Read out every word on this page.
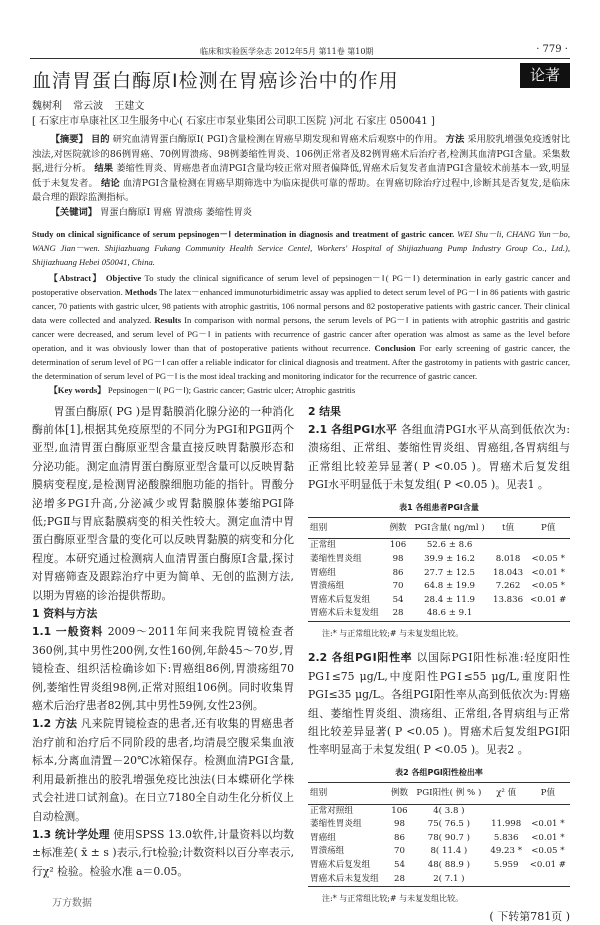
临床和实验医学杂志 2012年5月 第11卷 第10期	· 779 ·
血清胃蛋白酶原Ⅰ检测在胃癌诊治中的作用	论著
魏树利 常云波 王建文
[ 石家庄市阜康社区卫生服务中心( 石家庄市泵业集团公司职工医院 )河北 石家庄 050041 ]
【摘要】 目的 研究血清胃蛋白酶原Ⅰ( PGⅠ)含量检测在胃癌早期发现和胃癌术后观察中的作用。 方法 采用胶乳增强免疫透射比浊法,对医院就诊的86例胃癌、70例胃溃疡、98例萎缩性胃炎、106例正常者及82例胃癌术后治疗者,检测其血清PGⅠ含量。采集数据,进行分析。 结果 萎缩性胃炎、胃癌患者血清PGⅠ含量均较正常对照者偏降低,胃癌术后复发者血清PGⅠ含量较术前基本一致,明显低于未复发者。 结论 血清PGⅠ含量检测在胃癌早期筛选中为临床提供可靠的帮助。在胃癌切除治疗过程中,诊断其是否复发,是临床最合理的跟踪监测指标。
【关键词】 胃蛋白酶原Ⅰ 胃癌 胃溃疡 萎缩性胃炎
Study on clinical significance of serum pepsinogen－Ⅰ determination in diagnosis and treatment of gastric cancer. WEI Shu－li, CHANG Yun－bo, WANG Jian－wen. Shijiazhuang Fukang Community Health Service Centel, Workers' Hospital of Shijiazhuang Pump Industry Group Co., Ltd.), Shijiazhuang Hebei 050041, China.
【Abstract】 Objective To study the clinical significance of serum level of pepsinogen－Ⅰ( PG－Ⅰ) determination in early gastric cancer and postoperative observation. Methods The latex－enhanced immunoturbidimetric assay was applied to detect serum level of PG－Ⅰ in 86 patients with gastric cancer, 70 patients with gastric ulcer, 98 patients with atrophic gastritis, 106 normal persons and 82 postoperative patients with gastric cancer. Their clinical data were collected and analyzed. Results In comparison with normal persons, the serum levels of PG－Ⅰ in patients with atrophic gastritis and gastric cancer were decreased, and serum level of PG－Ⅰ in patients with recurrence of gastric cancer after operation was almost as same as the level before operation, and it was obviously lower than that of postoperative patients without recurrence. Conclusion For early screening of gastric cancer, the determination of serum level of PG－Ⅰ can offer a reliable indicator for clinical diagnosis and treatment. After the gastrotomy in patients with gastric cancer, the determination of serum level of PG－Ⅰ is the most ideal tracking and monitoring indicator for the recurrence of gastric cancer.
【Key words】 Pepsinogen－Ⅰ( PG－Ⅰ); Gastric cancer; Gastric ulcer; Atrophic gastritis

胃蛋白酶原( PG )是胃黏膜消化腺分泌的一种消化酶前体[1],根据其免疫原型的不同分为PGⅠ和PGⅡ两个亚型,血清胃蛋白酶原亚型含量直接反映胃黏膜形态和分泌功能。测定血清胃蛋白酶原亚型含量可以反映胃黏膜病变程度,是检测胃泌酸腺细胞功能的指针。胃酸分泌增多PGⅠ升高,分泌减少或胃黏膜腺体萎缩PGI降低;PGⅡ与胃底黏膜病变的相关性较大。测定血清中胃蛋白酶原亚型含量的变化可以反映胃黏膜的病变和分化程度。本研究通过检测病人血清胃蛋白酶原Ⅰ含量,探讨对胃癌筛查及跟踪治疗中更为简单、无创的监测方法,以期为胃癌的诊治提供帮助。

1 资料与方法

1.1 一般资料 2009～2011年间来我院胃镜检查者360例,其中男性200例,女性160例,年龄45～70岁,胃镜检查、组织活检确诊如下:胃癌组86例,胃溃疡组70例,萎缩性胃炎组98例,正常对照组106例。同时收集胃癌术后治疗患者82例,其中男性59例,女性23例。

1.2 方法 凡来院胃镜检查的患者,还有收集的胃癌患者治疗前和治疗后不同阶段的患者,均清晨空腹采集血液标本,分离血清置－20℃冰箱保存。检测血清PGⅠ含量,利用最新推出的胶乳增强免疫比浊法(日本蝶研化学株式会社进口试剂盒)。在日立7180全自动生化分析仪上自动检测。

1.3 统计学处理 使用SPSS 13.0软件,计量资料以均数±标准差( x̄ ± s )表示,行t检验;计数资料以百分率表示,行χ² 检验。检验水准 a＝0.05。

万方数据

2 结果

2.1 各组PGⅠ水平 各组血清PGⅠ水平从高到低依次为:溃疡组、正常组、萎缩性胃炎组、胃癌组,各胃病组与正常组比较差异显著( P <0.05 )。胃癌术后复发组PGⅠ水平明显低于未复发组( P <0.05 )。见表1 。

表1 各组患者PGⅠ含量
组别	例数	PGⅠ含量( ng/ml )	t值	P值
正常组	106	52.6 ± 8.6		
萎缩性胃炎组	98	39.9 ± 16.2	8.018	<0.05 *
胃癌组	86	27.7 ± 12.5	18.043	<0.01 *
胃溃疡组	70	64.8 ± 19.9	7.262	<0.05 *
胃癌术后复发组	54	28.4 ± 11.9	13.836	<0.01 #
胃癌术后未复发组	28	48.6 ± 9.1		
注:* 与正常组比较;# 与未复发组比较。

2.2 各组PGⅠ阳性率 以国际PGⅠ阳性标准:轻度阳性PGⅠ≤75 μg/L,中度阳性PGⅠ≤55 μg/L,重度阳性PGⅠ≤35 μg/L。各组PGⅠ阳性率从高到低依次为:胃癌组、萎缩性胃炎组、溃疡组、正常组,各胃病组与正常组比较差异显著( P <0.05 )。胃癌术后复发组PGⅠ阳性率明显高于未复发组( P <0.05 )。见表2 。

表2 各组PGⅠ阳性检出率
组别	例数	PGⅠ阳性( 例 % )	χ² 值	P值
正常对照组	106	4( 3.8 )		
萎缩性胃炎组	98	75( 76.5 )	11.998	<0.01 *
胃癌组	86	78( 90.7 )	5.836	<0.01 *
胃溃疡组	70	8( 11.4 )	49.23 *	<0.05 *
胃癌术后复发组	54	48( 88.9 )	5.959	<0.01 #
胃癌术后未复发组	28	2( 7.1 )		
注:* 与正常组比较;# 与未复发组比较。
( 下转第781页 )
